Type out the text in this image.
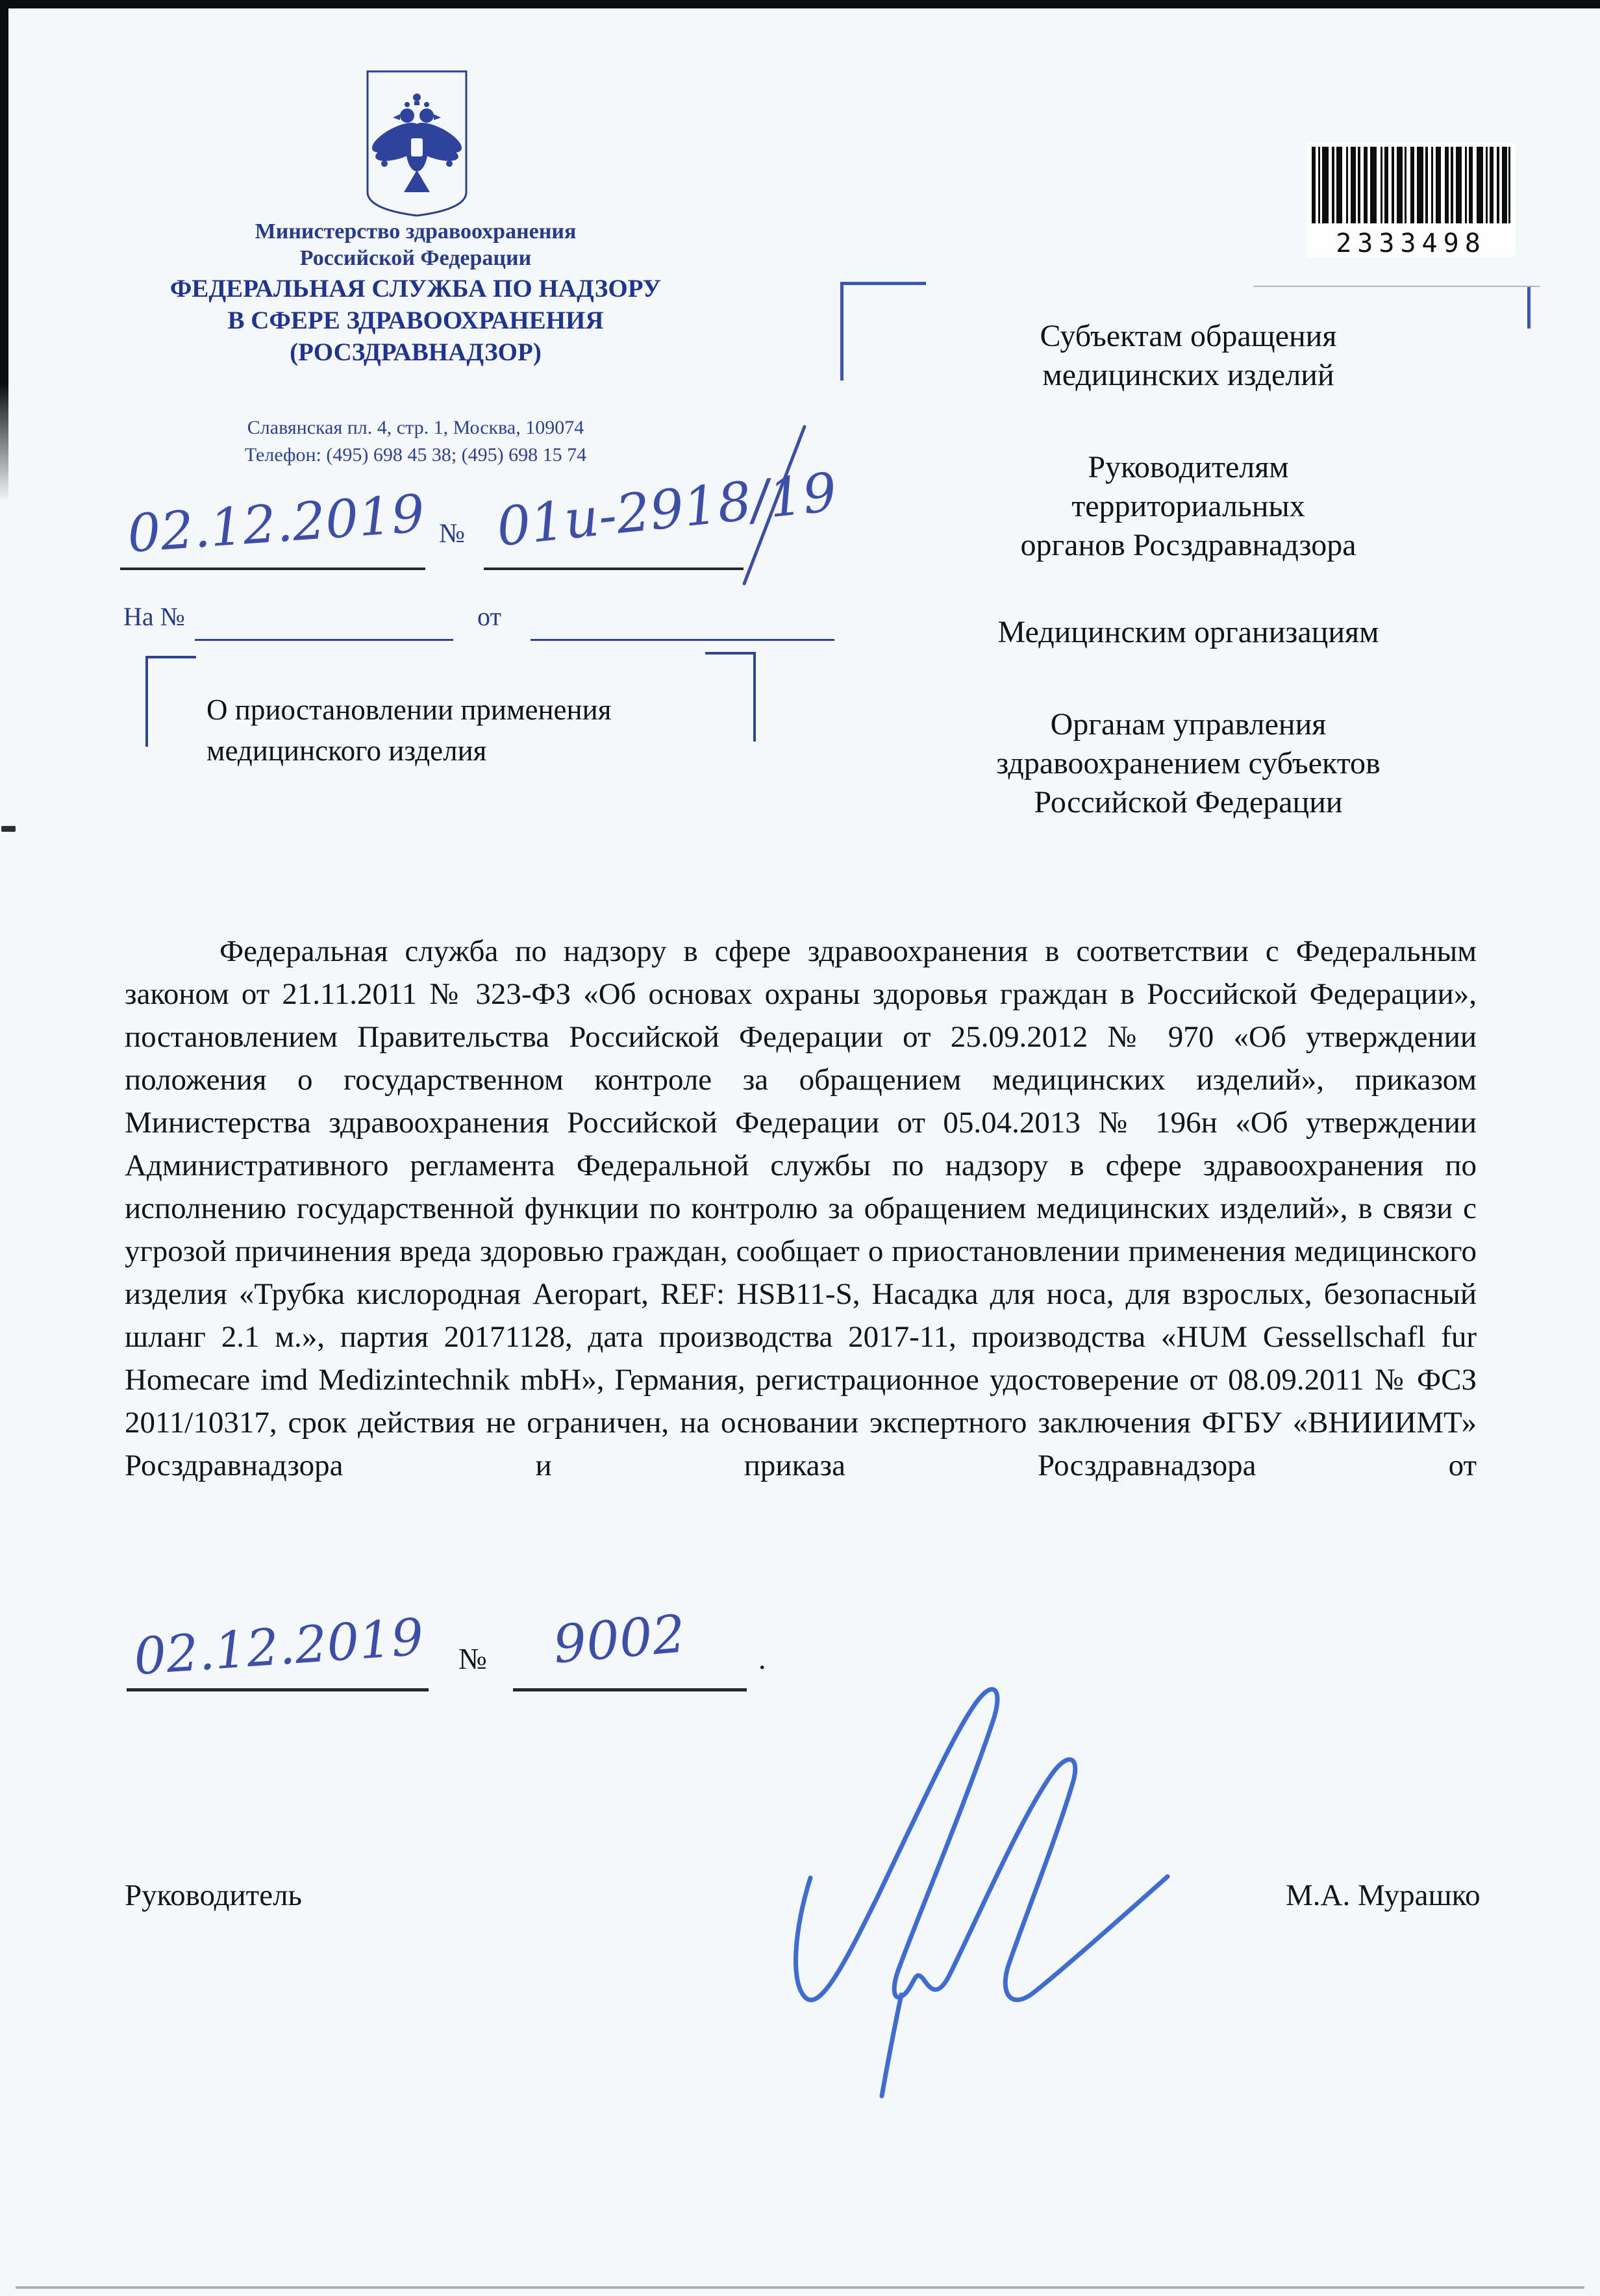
Министерство здравоохранения
Российской Федерации
ФЕДЕРАЛЬНАЯ СЛУЖБА ПО НАДЗОРУ
В СФЕРЕ ЗДРАВООХРАНЕНИЯ
(РОСЗДРАВНАДЗОР)
Славянская пл. 4, стр. 1, Москва, 109074
Телефон: (495) 698 45 38; (495) 698 15 74
2333498
02.12.2019 № 01и-2918/19
На №	от
О приостановлении применения
медицинского изделия
Субъектам обращения
медицинских изделий
Руководителям
территориальных
органов Росздравнадзора
Медицинским организациям
Органам управления
здравоохранением субъектов
Российской Федерации
Федеральная служба по надзору в сфере здравоохранения в соответствии с Федеральным законом от 21.11.2011 № 323-ФЗ «Об основах охраны здоровья граждан в Российской Федерации», постановлением Правительства Российской Федерации от 25.09.2012 № 970 «Об утверждении положения о государственном контроле за обращением медицинских изделий», приказом Министерства здравоохранения Российской Федерации от 05.04.2013 № 196н «Об утверждении Административного регламента Федеральной службы по надзору в сфере здравоохранения по исполнению государственной функции по контролю за обращением медицинских изделий», в связи с угрозой причинения вреда здоровью граждан, сообщает о приостановлении применения медицинского изделия «Трубка кислородная Aeropart, REF: HSB11-S, Насадка для носа, для взрослых, безопасный шланг 2.1 м.», партия 20171128, дата производства 2017-11, производства «HUM Gessellschafl fur Homecare imd Medizintechnik mbH», Германия, регистрационное удостоверение от 08.09.2011 № ФСЗ 2011/10317, срок действия не ограничен, на основании экспертного заключения ФГБУ «ВНИИИМТ» Росздравнадзора и приказа Росздравнадзора от
02.12.2019 № 9002 .
Руководитель	М.А. Мурашко
